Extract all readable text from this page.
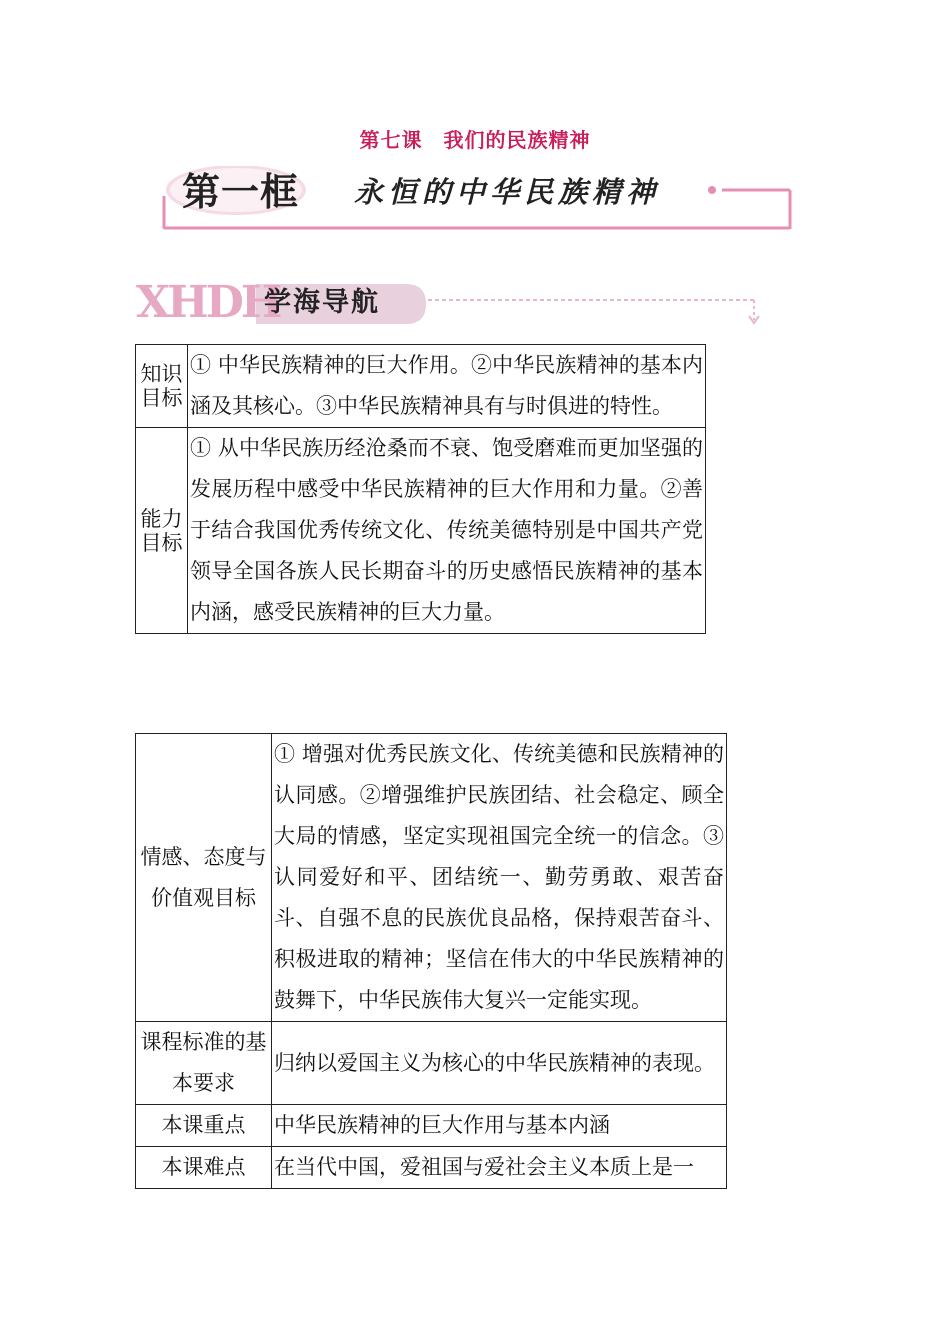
第七课　我们的民族精神
第一框 永恒的中华民族精神
XHDH
学海导航
知识目标	① 中华民族精神的巨大作用。②中华民族精神的基本内涵及其核心。③中华民族精神具有与时俱进的特性。
能力目标	① 从中华民族历经沧桑而不衰、饱受磨难而更加坚强的发展历程中感受中华民族精神的巨大作用和力量。②善于结合我国优秀传统文化、传统美德特别是中国共产党领导全国各族人民长期奋斗的历史感悟民族精神的基本内涵，感受民族精神的巨大力量。
情感、态度与价值观目标	① 增强对优秀民族文化、传统美德和民族精神的认同感。②增强维护民族团结、社会稳定、顾全大局的情感，坚定实现祖国完全统一的信念。③认同爱好和平、团结统一、勤劳勇敢、艰苦奋斗、自强不息的民族优良品格，保持艰苦奋斗、积极进取的精神；坚信在伟大的中华民族精神的鼓舞下，中华民族伟大复兴一定能实现。
课程标准的基本要求	归纳以爱国主义为核心的中华民族精神的表现。
本课重点	中华民族精神的巨大作用与基本内涵
本课难点	在当代中国，爱祖国与爱社会主义本质上是一
